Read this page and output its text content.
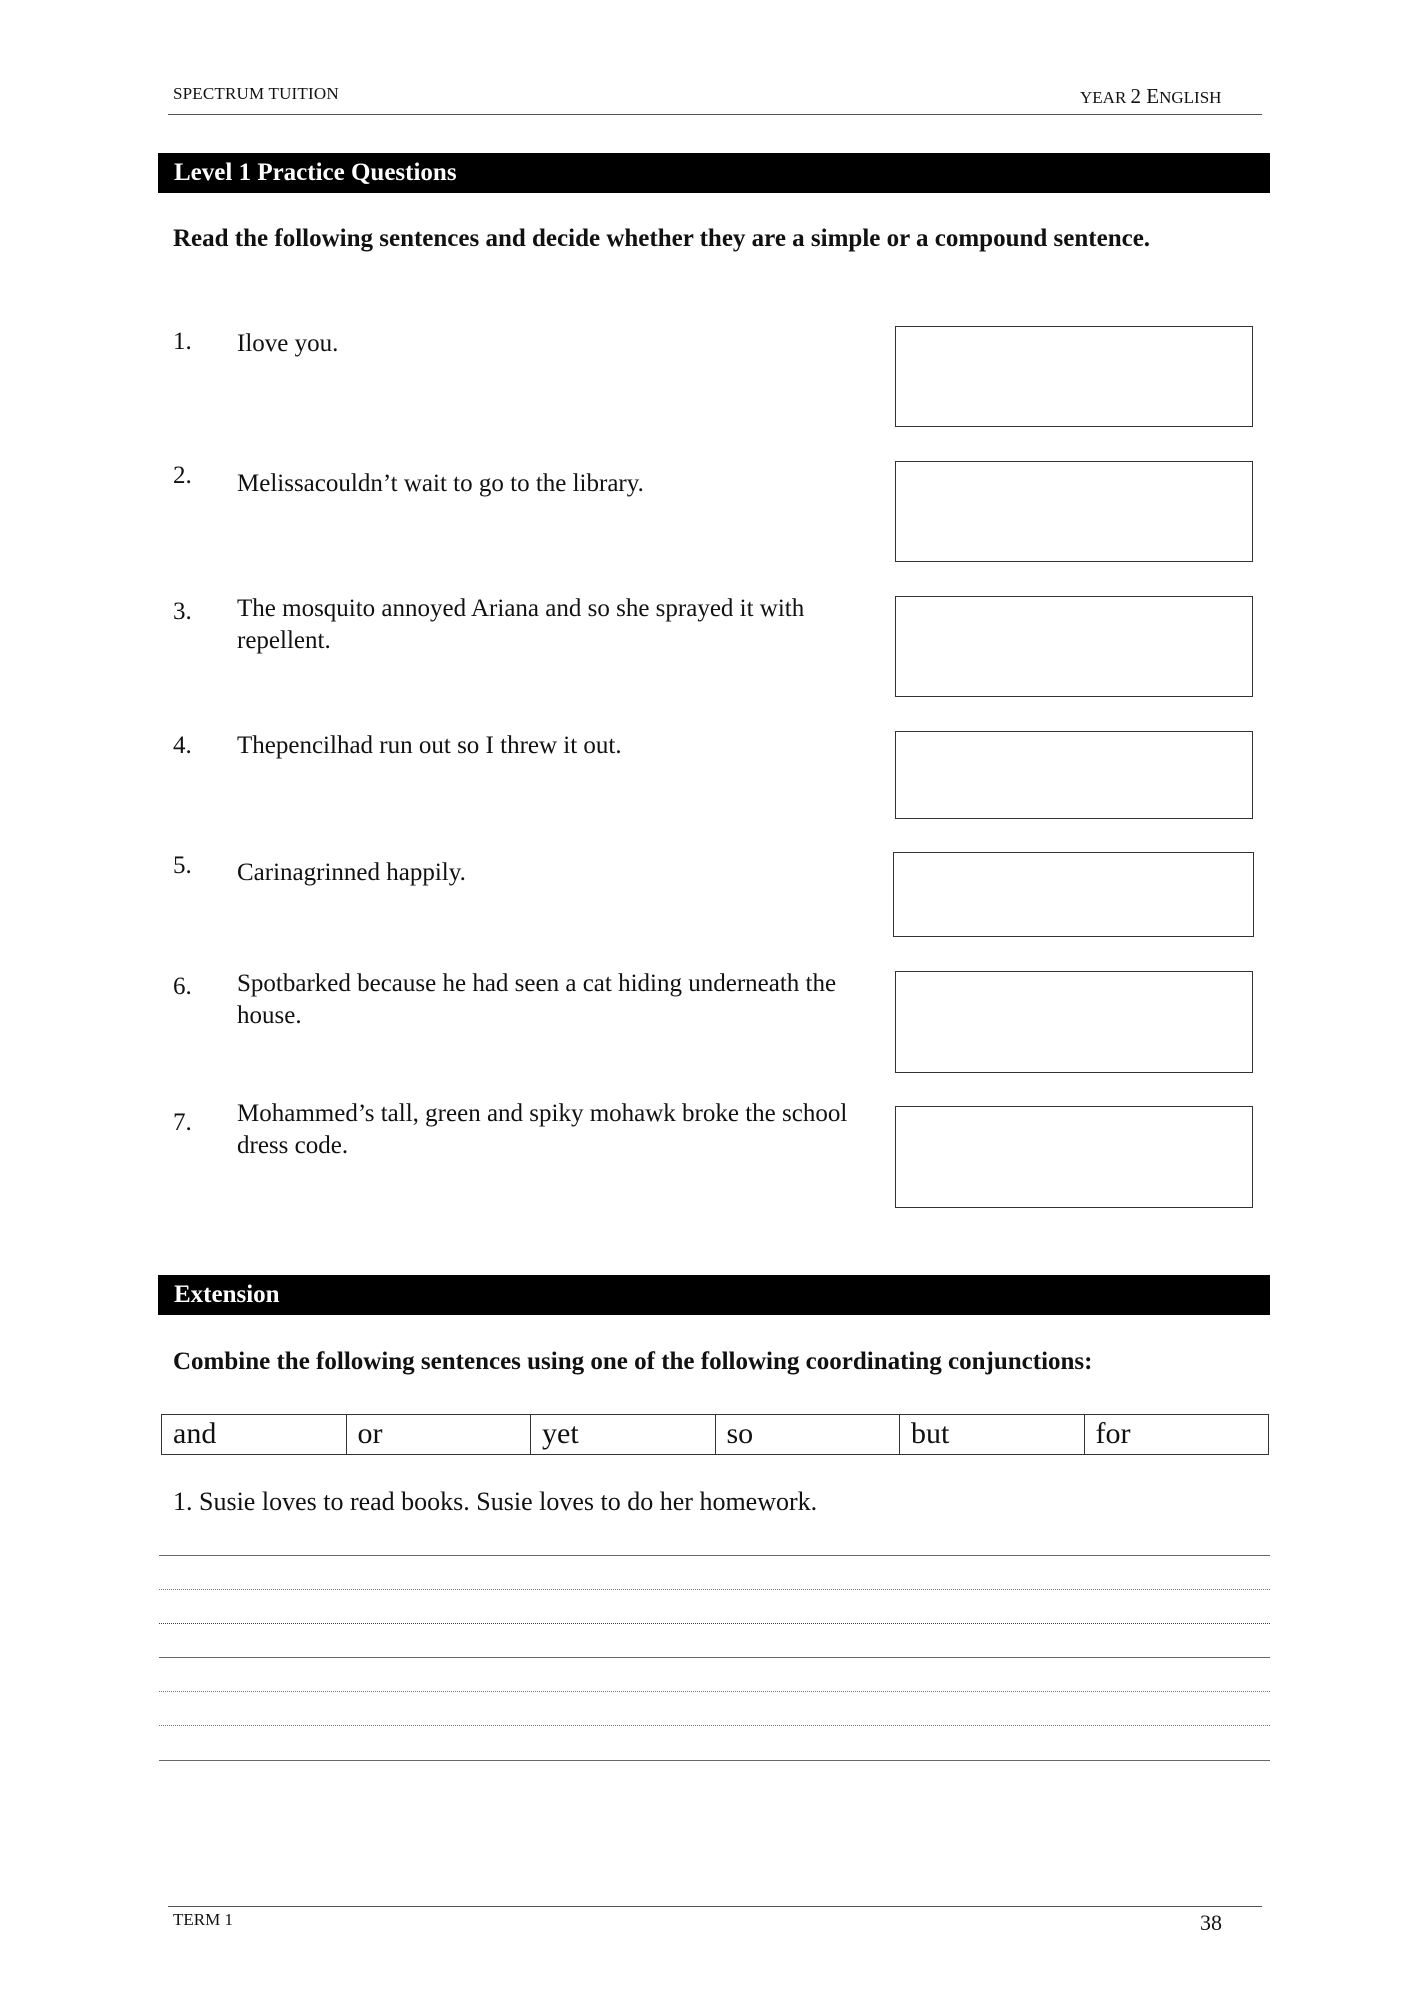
SPECTRUM TUITION	YEAR 2 ENGLISH
Level 1 Practice Questions
Read the following sentences and decide whether they are a simple or a compound sentence.
1. Ilove you.
2. Melissacouldn’t wait to go to the library.
3. The mosquito annoyed Ariana and so she sprayed it with repellent.
4. Thepencilhad run out so I threw it out.
5. Carinagrinned happily.
6. Spotbarked because he had seen a cat hiding underneath the house.
7. Mohammed’s tall, green and spiky mohawk broke the school dress code.
Extension
Combine the following sentences using one of the following coordinating conjunctions:
and	or	yet	so	but	for
1. Susie loves to read books. Susie loves to do her homework.
TERM 1	38
